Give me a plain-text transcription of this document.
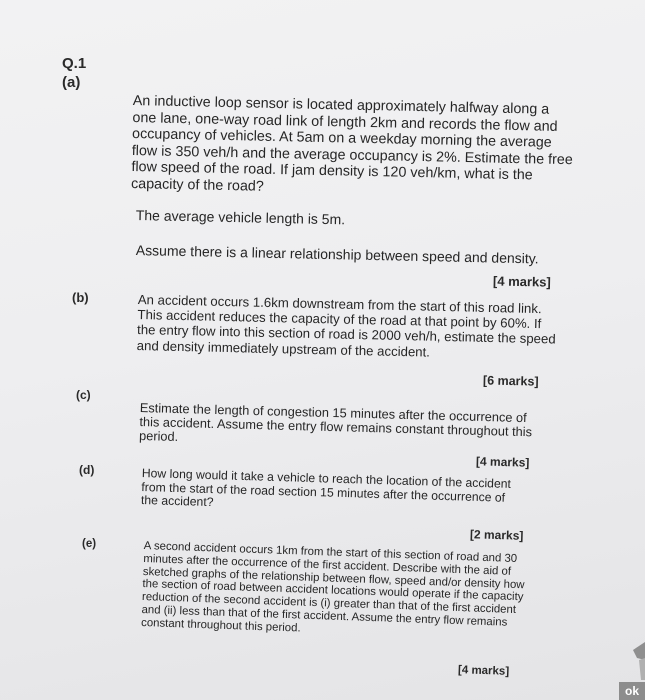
Q.1
(a)

An inductive loop sensor is located approximately halfway along a one lane, one-way road link of length 2km and records the flow and occupancy of vehicles. At 5am on a weekday morning the average flow is 350 veh/h and the average occupancy is 2%. Estimate the free flow speed of the road. If jam density is 120 veh/km, what is the capacity of the road?

The average vehicle length is 5m.

Assume there is a linear relationship between speed and density.

[4 marks]
(b)	An accident occurs 1.6km downstream from the start of this road link. This accident reduces the capacity of the road at that point by 60%. If the entry flow into this section of road is 2000 veh/h, estimate the speed and density immediately upstream of the accident.

[6 marks]
(c)

Estimate the length of congestion 15 minutes after the occurrence of this accident. Assume the entry flow remains constant throughout this period.

[4 marks]
(d)	How long would it take a vehicle to reach the location of the accident from the start of the road section 15 minutes after the occurrence of the accident?

[2 marks]
(e)	A second accident occurs 1km from the start of this section of road and 30 minutes after the occurrence of the first accident. Describe with the aid of sketched graphs of the relationship between flow, speed and/or density how the section of road between accident locations would operate if the capacity reduction of the second accident is (i) greater than that of the first accident and (ii) less than that of the first accident. Assume the entry flow remains constant throughout this period.

[4 marks]
ok
